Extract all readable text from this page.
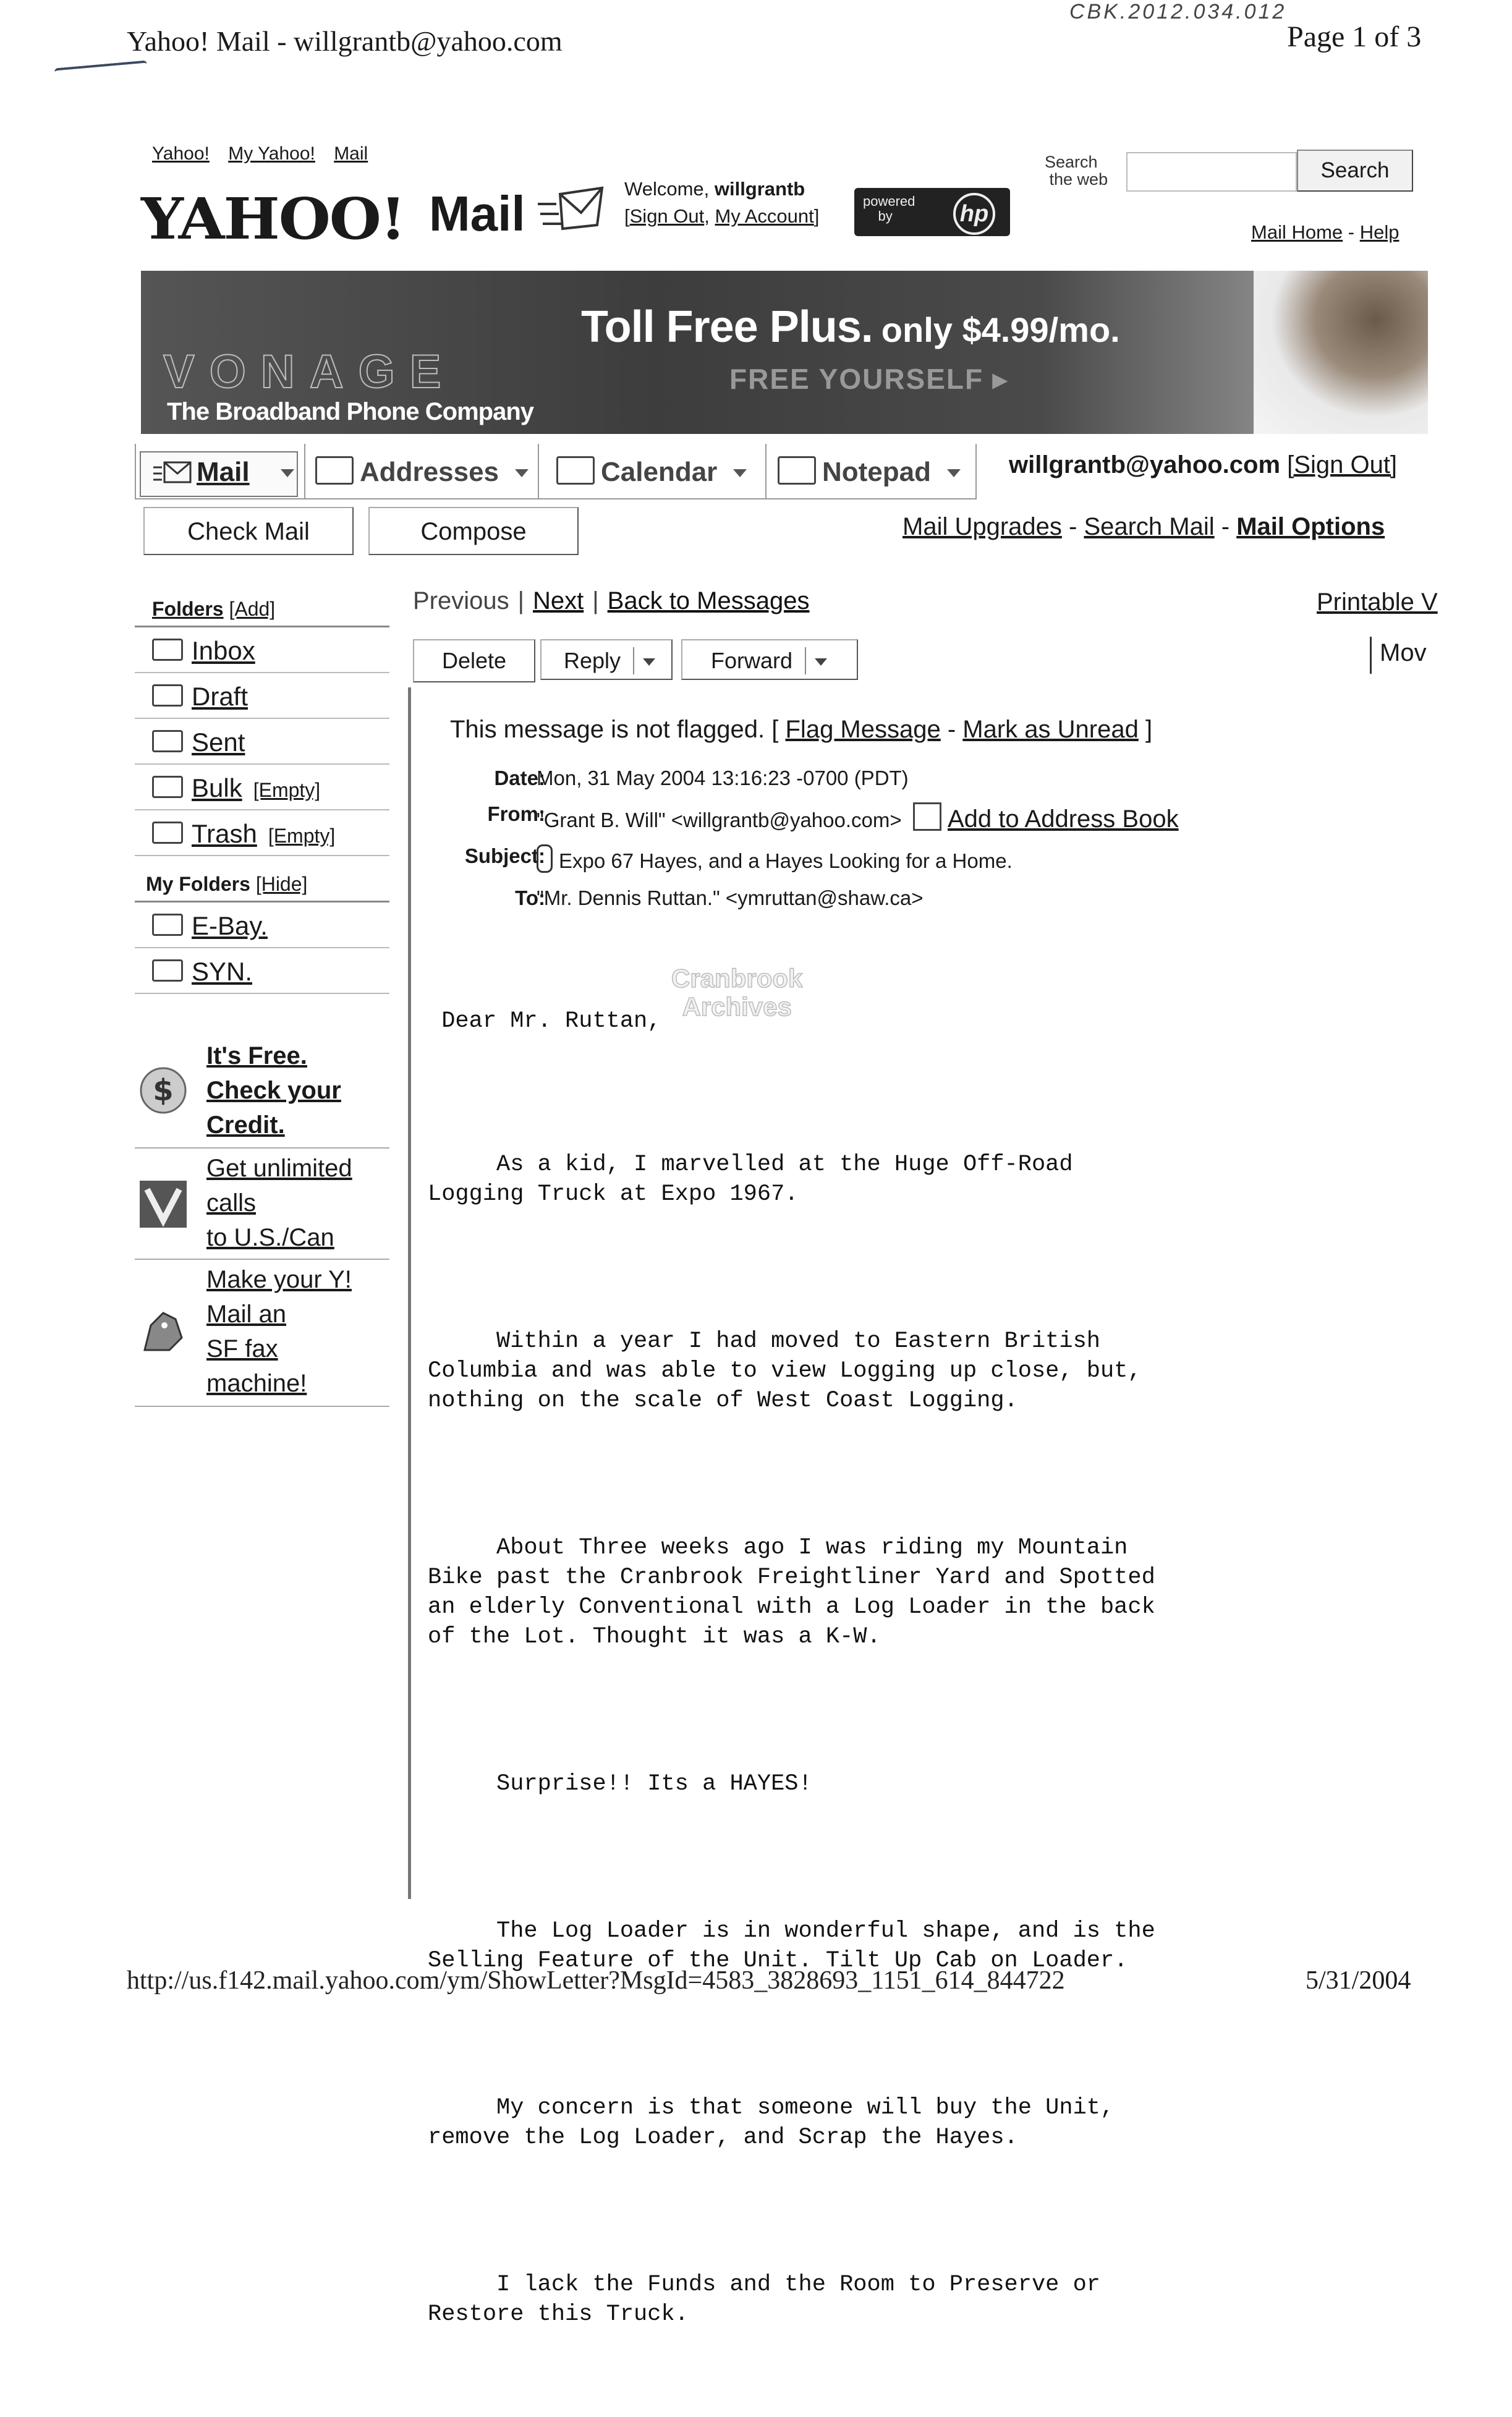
Yahoo! Mail - willgrantb@yahoo.com
CBK.2012.034.012
Page 1 of 3
Yahoo! My Yahoo! Mail
YAHOO! Mail	Welcome, willgrantb
[Sign Out, My Account]
powered
by	hp
Search
the web	Search
Mail Home - Help
VONAGE
The Broadband Phone Company
Toll Free Plus. only $4.99/mo.
FREE YOURSELF ▸
Mail	Addresses	Calendar	Notepad	willgrantb@yahoo.com [Sign Out]
Check Mail	Compose	Mail Upgrades - Search Mail - Mail Options
Folders [Add]
Inbox
Draft
Sent
Bulk [Empty]
Trash [Empty]
My Folders [Hide]
E-Bay.
SYN.
$
It's Free.
Check your
Credit.
Get unlimited
calls
to U.S./Can
Make your Y!
Mail an
SF fax
machine!
Previous | Next | Back to Messages	Printable V
Mov
Delete	Reply	Forward
This message is not flagged. [ Flag Message - Mark as Unread ]
Date:
Mon, 31 May 2004 13:16:23 -0700 (PDT)
From:
"Grant B. Will" <willgrantb@yahoo.com> Add to Address Book
Subject: Expo 67 Hayes, and a Hayes Looking for a Home.
To:
"Mr. Dennis Ruttan." <ymruttan@shaw.ca>

Dear Mr. Ruttan,

As a kid, I marvelled at the Huge Off-Road
Logging Truck at Expo 1967.

Within a year I had moved to Eastern British
Columbia and was able to view Logging up close, but,
nothing on the scale of West Coast Logging.

About Three weeks ago I was riding my Mountain
Bike past the Cranbrook Freightliner Yard and Spotted
an elderly Conventional with a Log Loader in the back
of the Lot. Thought it was a K-W.

Surprise!! Its a HAYES!

The Log Loader is in wonderful shape, and is the
Selling Feature of the Unit. Tilt Up Cab on Loader.

My concern is that someone will buy the Unit,
remove the Log Loader, and Scrap the Hayes.

I lack the Funds and the Room to Preserve or
Restore this Truck.

Cranbrook
Archives
http://us.f142.mail.yahoo.com/ym/ShowLetter?MsgId=4583_3828693_1151_614_844722	5/31/2004
